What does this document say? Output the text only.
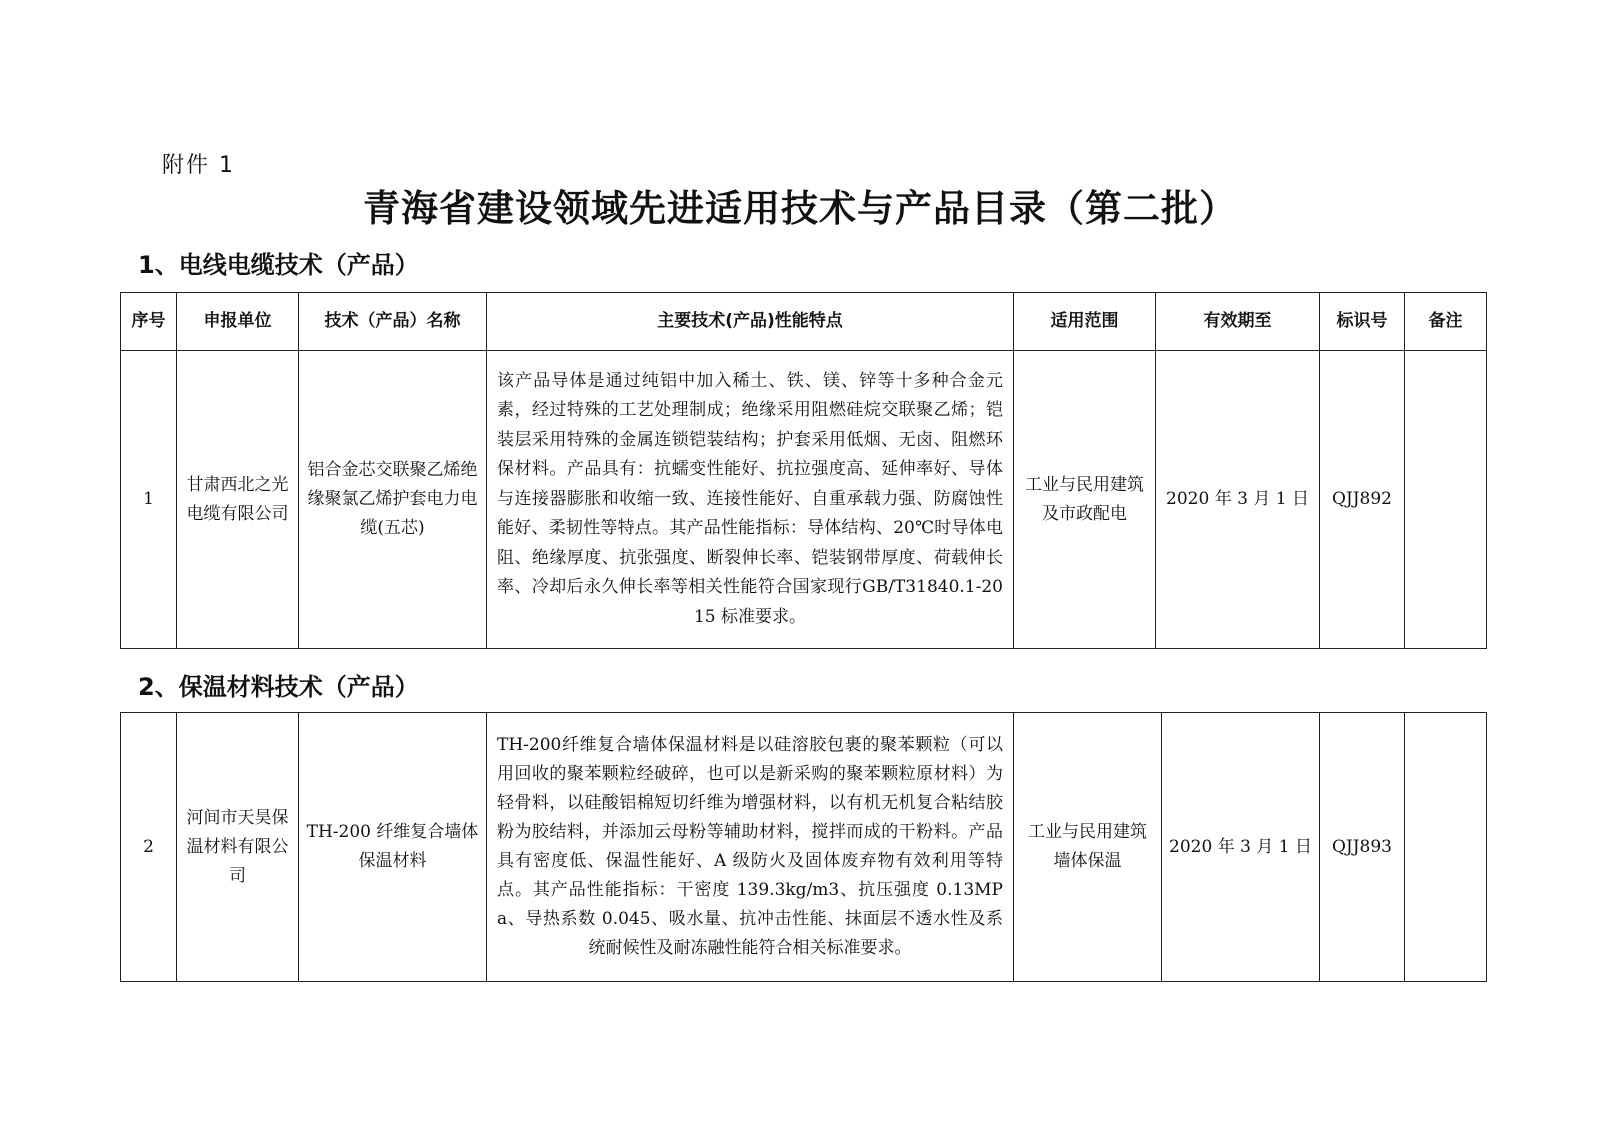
附件 1
青海省建设领域先进适用技术与产品目录（第二批）
1、电线电缆技术（产品）
序号	申报单位	技术（产品）名称	主要技术(产品)性能特点	适用范围	有效期至	标识号	备注
1	甘肃西北之光电缆有限公司	铝合金芯交联聚乙烯绝缘聚氯乙烯护套电力电缆(五芯)	该产品导体是通过纯铝中加入稀土、铁、镁、锌等十多种合金元素，经过特殊的工艺处理制成；绝缘采用阻燃硅烷交联聚乙烯；铠装层采用特殊的金属连锁铠装结构；护套采用低烟、无卤、阻燃环保材料。产品具有：抗蠕变性能好、抗拉强度高、延伸率好、导体与连接器膨胀和收缩一致、连接性能好、自重承载力强、防腐蚀性能好、柔韧性等特点。其产品性能指标：导体结构、20℃时导体电阻、绝缘厚度、抗张强度、断裂伸长率、铠装钢带厚度、荷载伸长率、冷却后永久伸长率等相关性能符合国家现行GB/T31840.1-2015 标准要求。	工业与民用建筑及市政配电	2020 年 3 月 1 日	QJJ892	
2、保温材料技术（产品）
2	河间市天昊保温材料有限公司	TH-200 纤维复合墙体保温材料	TH-200纤维复合墙体保温材料是以硅溶胶包裹的聚苯颗粒（可以用回收的聚苯颗粒经破碎，也可以是新采购的聚苯颗粒原材料）为轻骨料，以硅酸铝棉短切纤维为增强材料，以有机无机复合粘结胶粉为胶结料，并添加云母粉等辅助材料，搅拌而成的干粉料。产品具有密度低、保温性能好、A 级防火及固体废弃物有效利用等特点。其产品性能指标：干密度 139.3kg/m3、抗压强度 0.13MPa、导热系数 0.045、吸水量、抗冲击性能、抹面层不透水性及系统耐候性及耐冻融性能符合相关标准要求。	工业与民用建筑墙体保温	2020 年 3 月 1 日	QJJ893	
